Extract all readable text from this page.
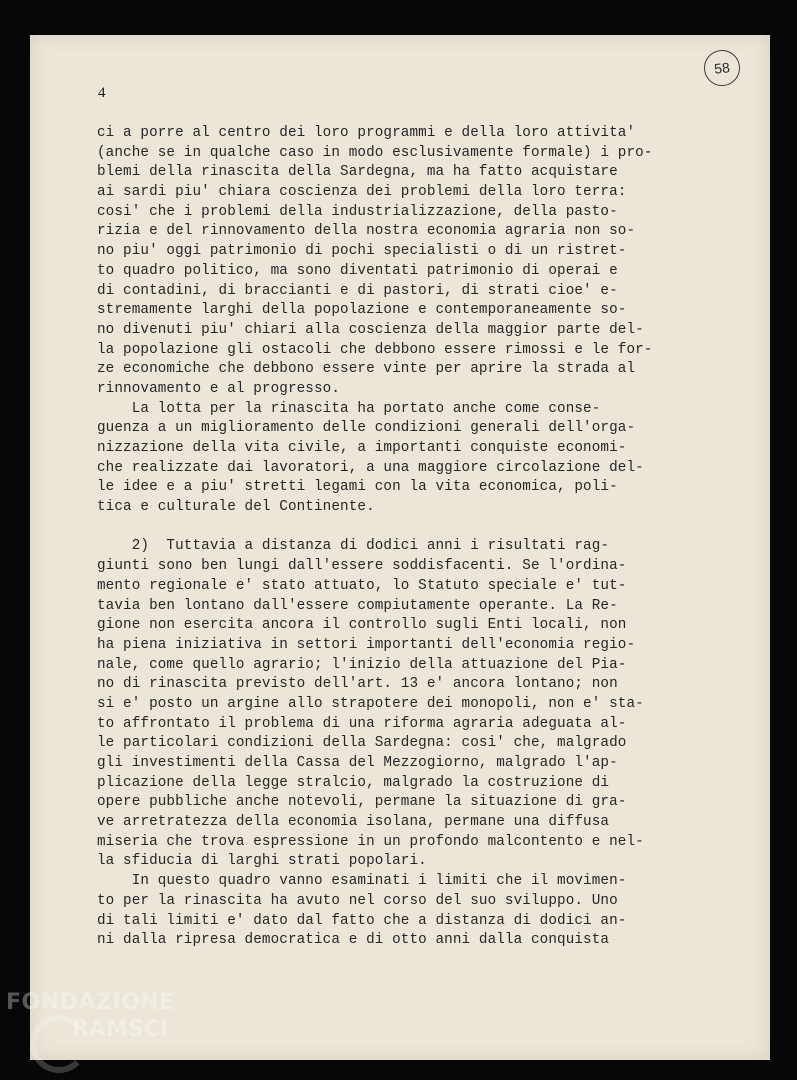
4
58
ci a porre al centro dei loro programmi e della loro attivita'
(anche se in qualche caso in modo esclusivamente formale) i pro-
blemi della rinascita della Sardegna, ma ha fatto acquistare
ai sardi piu' chiara coscienza dei problemi della loro terra:
cosi' che i problemi della industrializzazione, della pasto-
rizia e del rinnovamento della nostra economia agraria non so-
no piu' oggi patrimonio di pochi specialisti o di un ristret-
to quadro politico, ma sono diventati patrimonio di operai e
di contadini, di braccianti e di pastori, di strati cioe' e-
stremamente larghi della popolazione e contemporaneamente so-
no divenuti piu' chiari alla coscienza della maggior parte del-
la popolazione gli ostacoli che debbono essere rimossi e le for-
ze economiche che debbono essere vinte per aprire la strada al
rinnovamento e al progresso.
La lotta per la rinascita ha portato anche come conse-
guenza a un miglioramento delle condizioni generali dell'orga-
nizzazione della vita civile, a importanti conquiste economi-
che realizzate dai lavoratori, a una maggiore circolazione del-
le idee e a piu' stretti legami con la vita economica, poli-
tica e culturale del Continente.
2)  Tuttavia a distanza di dodici anni i risultati rag-
giunti sono ben lungi dall'essere soddisfacenti. Se l'ordina-
mento regionale e' stato attuato, lo Statuto speciale e' tut-
tavia ben lontano dall'essere compiutamente operante. La Re-
gione non esercita ancora il controllo sugli Enti locali, non
ha piena iniziativa in settori importanti dell'economia regio-
nale, come quello agrario; l'inizio della attuazione del Pia-
no di rinascita previsto dell'art. 13 e' ancora lontano; non
si e' posto un argine allo strapotere dei monopoli, non e' sta-
to affrontato il problema di una riforma agraria adeguata al-
le particolari condizioni della Sardegna: cosi' che, malgrado
gli investimenti della Cassa del Mezzogiorno, malgrado l'ap-
plicazione della legge stralcio, malgrado la costruzione di
opere pubbliche anche notevoli, permane la situazione di gra-
ve arretratezza della economia isolana, permane una diffusa
miseria che trova espressione in un profondo malcontento e nel-
la sfiducia di larghi strati popolari.
In questo quadro vanno esaminati i limiti che il movimen-
to per la rinascita ha avuto nel corso del suo sviluppo. Uno
di tali limiti e' dato dal fatto che a distanza di dodici an-
ni dalla ripresa democratica e di otto anni dalla conquista
FONDAZIONE
RAMSCI
